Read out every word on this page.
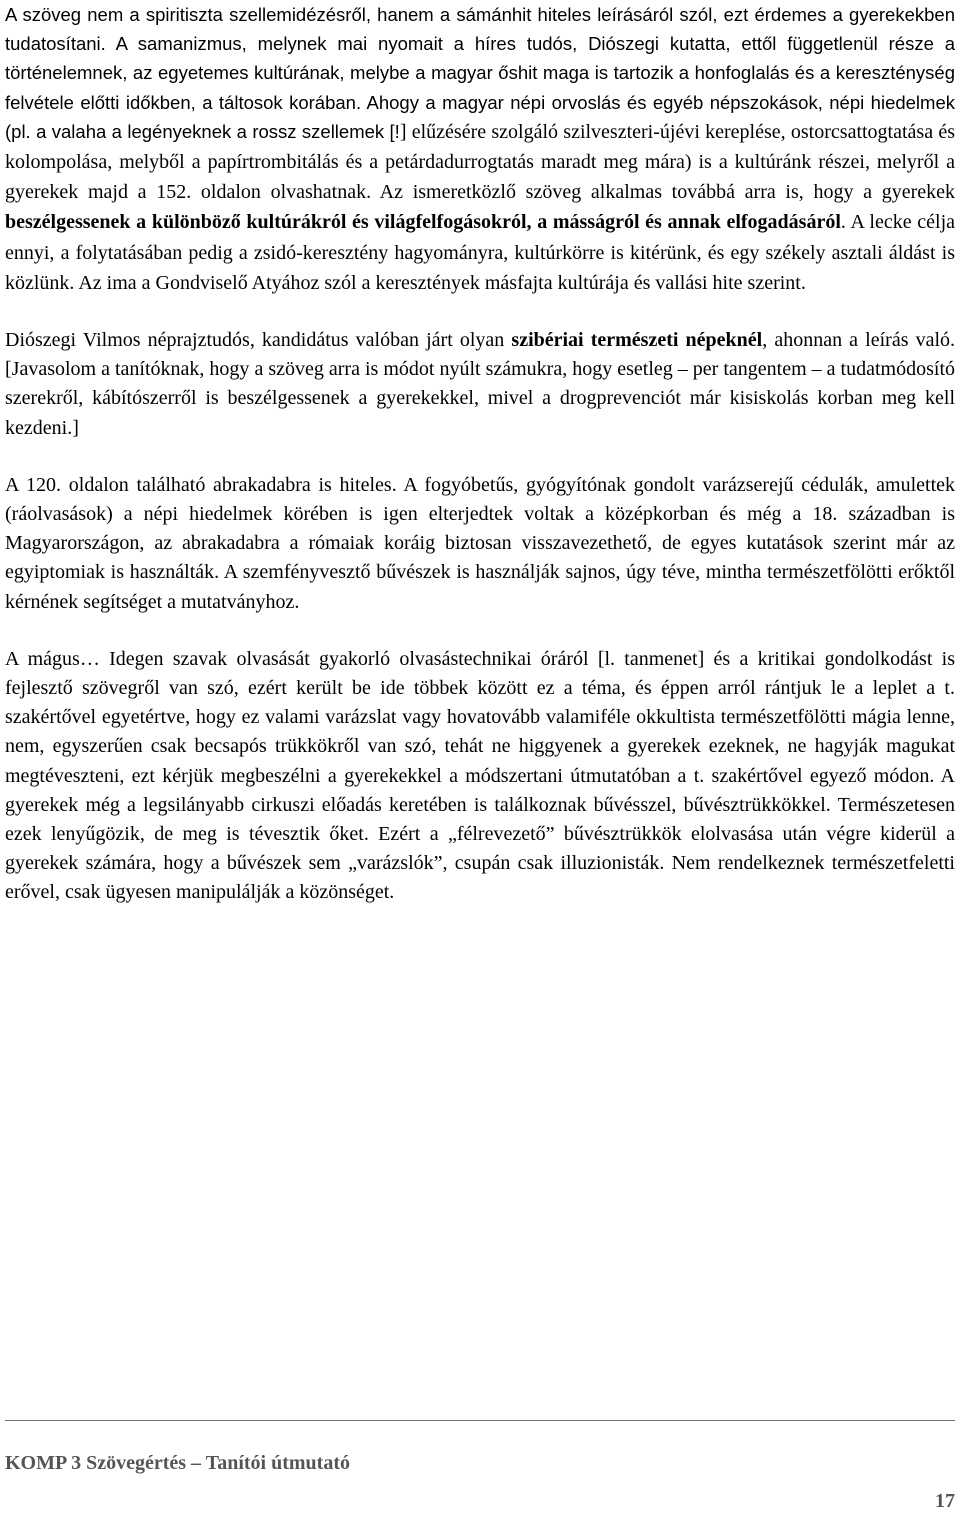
A szöveg nem a spiritiszta szellemidézésről, hanem a sámánhit hiteles leírásáról szól, ezt érdemes a gyerekekben tudatosítani. A samanizmus, melynek mai nyomait a híres tudós, Diószegi kutatta, ettől függetlenül része a történelemnek, az egyetemes kultúrának, melybe a magyar őshit maga is tartozik a honfoglalás és a kereszténység felvétele előtti időkben, a táltosok korában. Ahogy a magyar népi orvoslás és egyéb népszokások, népi hiedelmek (pl. a valaha a legényeknek a rossz szellemek [!] elűzésére szolgáló szilveszteri-újévi kereplése, ostorcsattogtatása és kolompolása, melyből a papírtrombitálás és a petárdadurrogtatás maradt meg mára) is a kultúránk részei, melyről a gyerekek majd a 152. oldalon olvashatnak. Az ismeretközlő szöveg alkalmas továbbá arra is, hogy a gyerekek beszélgessenek a különböző kultúrákról és világfelfogásokról, a másságról és annak elfogadásáról. A lecke célja ennyi, a folytatásában pedig a zsidó-keresztény hagyományra, kultúrkörre is kitérünk, és egy székely asztali áldást is közlünk. Az ima a Gondviselő Atyához szól a keresztények másfajta kultúrája és vallási hite szerint.

Diószegi Vilmos néprajztudós, kandidátus valóban járt olyan szibériai természeti népeknél, ahonnan a leírás való. [Javasolom a tanítóknak, hogy a szöveg arra is módot nyúlt számukra, hogy esetleg – per tangentem – a tudatmódosító szerekről, kábítószerről is beszélgessenek a gyerekekkel, mivel a drogprevenciót már kisiskolás korban meg kell kezdeni.]

A 120. oldalon található abrakadabra is hiteles. A fogyóbetűs, gyógyítónak gondolt varázserejű cédulák, amulettek (ráolvasások) a népi hiedelmek körében is igen elterjedtek voltak a középkorban és még a 18. században is Magyarországon, az abrakadabra a rómaiak koráig biztosan visszavezethető, de egyes kutatások szerint már az egyiptomiak is használták. A szemfényvesztő bűvészek is használják sajnos, úgy téve, mintha természetfölötti erőktől kérnének segítséget a mutatványhoz.

A mágus… Idegen szavak olvasását gyakorló olvasástechnikai óráról [l. tanmenet] és a kritikai gondolkodást is fejlesztő szövegről van szó, ezért került be ide többek között ez a téma, és éppen arról rántjuk le a leplet a t. szakértővel egyetértve, hogy ez valami varázslat vagy hovatovább valamiféle okkultista természetfölötti mágia lenne, nem, egyszerűen csak becsapós trükkökről van szó, tehát ne higgyenek a gyerekek ezeknek, ne hagyják magukat megtéveszteni, ezt kérjük megbeszélni a gyerekekkel a módszertani útmutatóban a t. szakértővel egyező módon. A gyerekek még a legsilányabb cirkuszi előadás keretében is találkoznak bűvésszel, bűvésztrükkökkel. Természetesen ezek lenyűgözik, de meg is tévesztik őket. Ezért a „félrevezető” bűvésztrükkök elolvasása után végre kiderül a gyerekek számára, hogy a bűvészek sem „varázslók”, csupán csak illuzionisták. Nem rendelkeznek természetfeletti erővel, csak ügyesen manipulálják a közönséget.

KOMP 3 Szövegértés – Tanítói útmutató
17
